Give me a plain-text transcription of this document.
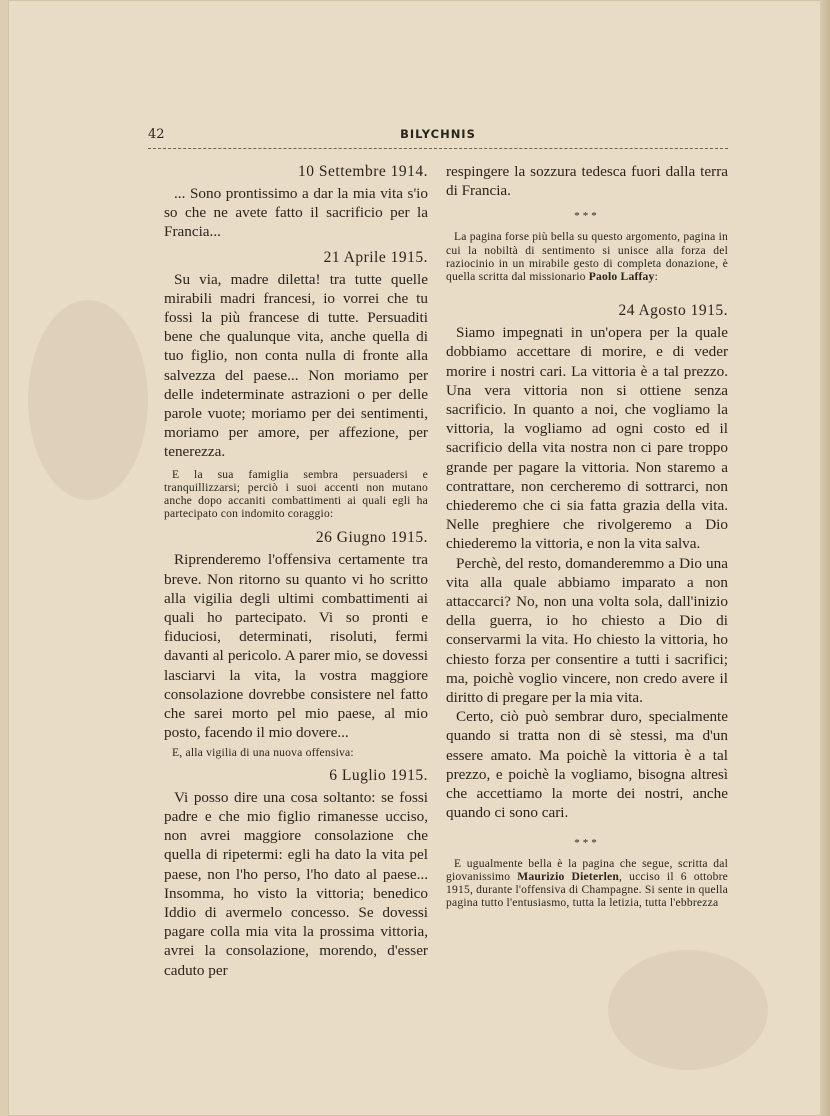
42	BILYCHNIS

10 Settembre 1914.

... Sono prontissimo a dar la mia vita s'io so che ne avete fatto il sacrificio per la Francia...

21 Aprile 1915.

Su via, madre diletta! tra tutte quelle mirabili madri francesi, io vorrei che tu fossi la più francese di tutte. Persuaditi bene che qualunque vita, anche quella di tuo figlio, non conta nulla di fronte alla salvezza del paese... Non moriamo per delle indeterminate astrazioni o per delle parole vuote; moriamo per dei sentimenti, moriamo per amore, per affezione, per tenerezza.

E la sua famiglia sembra persuadersi e tranquillizzarsi; perciò i suoi accenti non mutano anche dopo accaniti combattimenti ai quali egli ha partecipato con indomito coraggio:

26 Giugno 1915.

Riprenderemo l'offensiva certamente tra breve. Non ritorno su quanto vi ho scritto alla vigilia degli ultimi combattimenti ai quali ho partecipato. Vi so pronti e fiduciosi, determinati, risoluti, fermi davanti al pericolo. A parer mio, se dovessi lasciarvi la vita, la vostra maggiore consolazione dovrebbe consistere nel fatto che sarei morto pel mio paese, al mio posto, facendo il mio dovere...

E, alla vigilia di una nuova offensiva:

6 Luglio 1915.

Vi posso dire una cosa soltanto: se fossi padre e che mio figlio rimanesse ucciso, non avrei maggiore consolazione che quella di ripetermi: egli ha dato la vita pel paese, non l'ho perso, l'ho dato al paese... Insomma, ho visto la vittoria; benedico Iddio di avermelo concesso. Se dovessi pagare colla mia vita la prossima vittoria, avrei la consolazione, morendo, d'esser caduto per

respingere la sozzura tedesca fuori dalla terra di Francia.

***

La pagina forse più bella su questo argomento, pagina in cui la nobiltà di sentimento si unisce alla forza del raziocinio in un mirabile gesto di completa donazione, è quella scritta dal missionario Paolo Laffay:

24 Agosto 1915.

Siamo impegnati in un'opera per la quale dobbiamo accettare di morire, e di veder morire i nostri cari. La vittoria è a tal prezzo. Una vera vittoria non si ottiene senza sacrificio. In quanto a noi, che vogliamo la vittoria, la vogliamo ad ogni costo ed il sacrificio della vita nostra non ci pare troppo grande per pagare la vittoria. Non staremo a contrattare, non cercheremo di sottrarci, non chiederemo che ci sia fatta grazia della vita. Nelle preghiere che rivolgeremo a Dio chiederemo la vittoria, e non la vita salva.

Perchè, del resto, domanderemmo a Dio una vita alla quale abbiamo imparato a non attaccarci? No, non una volta sola, dall'inizio della guerra, io ho chiesto a Dio di conservarmi la vita. Ho chiesto la vittoria, ho chiesto forza per consentire a tutti i sacrifici; ma, poichè voglio vincere, non credo avere il diritto di pregare per la mia vita.

Certo, ciò può sembrar duro, specialmente quando si tratta non di sè stessi, ma d'un essere amato. Ma poichè la vittoria è a tal prezzo, e poichè la vogliamo, bisogna altresì che accettiamo la morte dei nostri, anche quando ci sono cari.

***

E ugualmente bella è la pagina che segue, scritta dal giovanissimo Maurizio Dieterlen, ucciso il 6 ottobre 1915, durante l'offensiva di Champagne. Si sente in quella pagina tutto l'entusiasmo, tutta la letizia, tutta l'ebbrezza
